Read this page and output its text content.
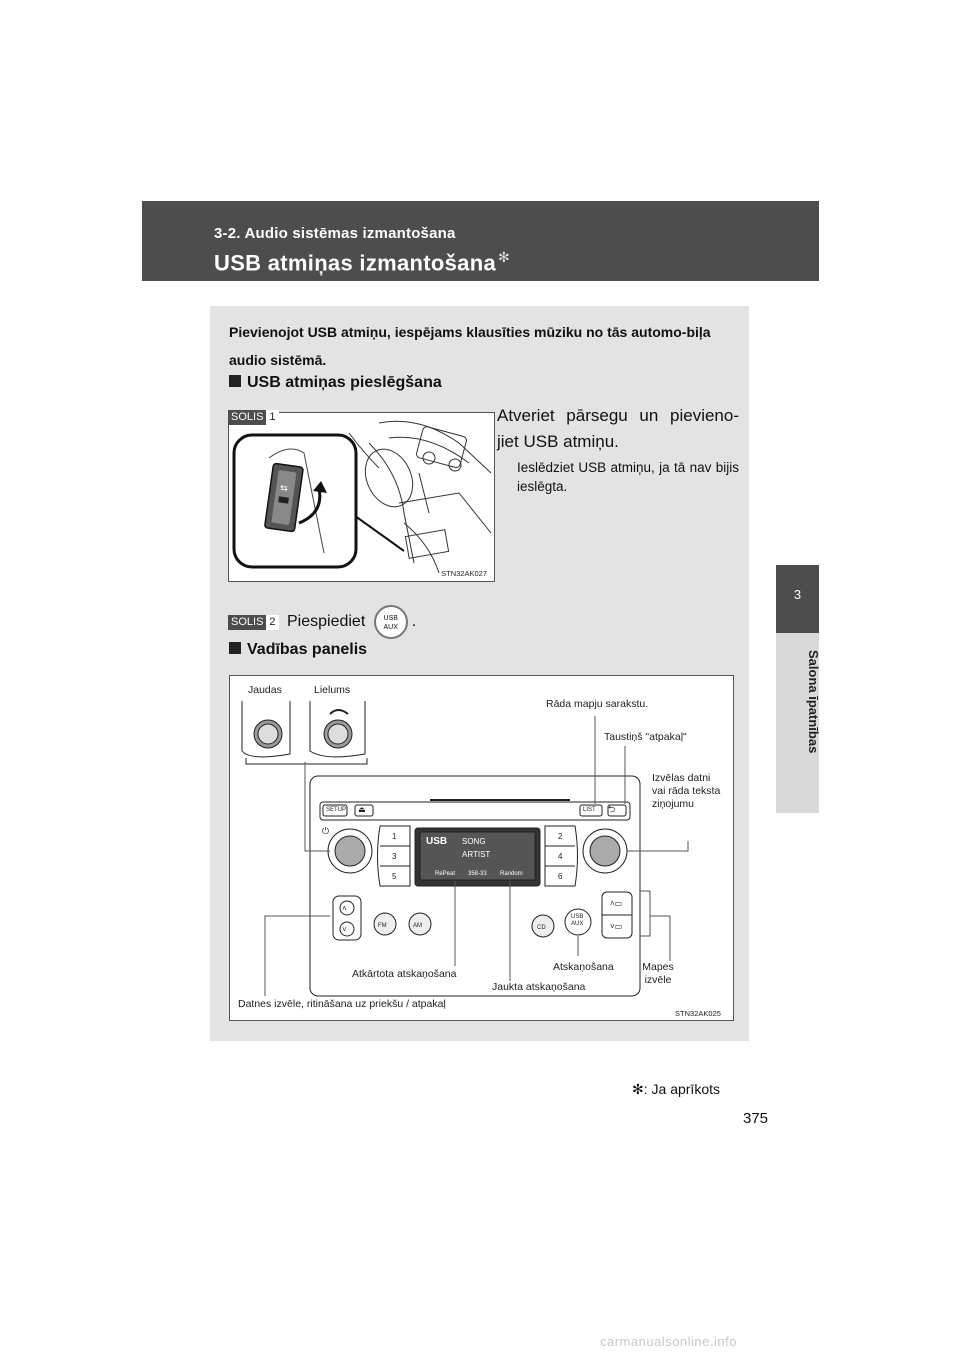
3-2. Audio sistēmas izmantošana
USB atmiņas izmantošana ✻
3
Salona īpatnības
Pievienojot USB atmiņu, iespējams klausīties mūziku no tās automo-biļa audio sistēmā.
USB atmiņas pieslēgšana
⇆
STN32AK027
SOLIS 1	Atveriet pārsegu un pievieno-jiet USB atmiņu.
Ieslēdziet USB atmiņu, ja tā nav bijis ieslēgta.
SOLIS 2 Piespiediet	USB
AUX .
Vadības panelis
SETUP	LIST ⮌
⏏
⏻
1
3
5
2
4
6
USB SONG
ARTIST
RePeat 358-33 Random
FM	AM	CD
USB
AUX
˄
˅
˄▭
˅▭
Jaudas	Lielums
Rāda mapju sarakstu.
Taustiņš "atpakaļ"
Izvēlas datni vai rāda teksta ziņojumu
Atskaņošana	Mapes izvēle
Atkārtota atskaņošana
Jaukta atskaņošana
Datnes izvēle, ritināšana uz priekšu / atpakaļ
STN32AK025
✻: Ja aprīkots
375
carmanualsonline.info
